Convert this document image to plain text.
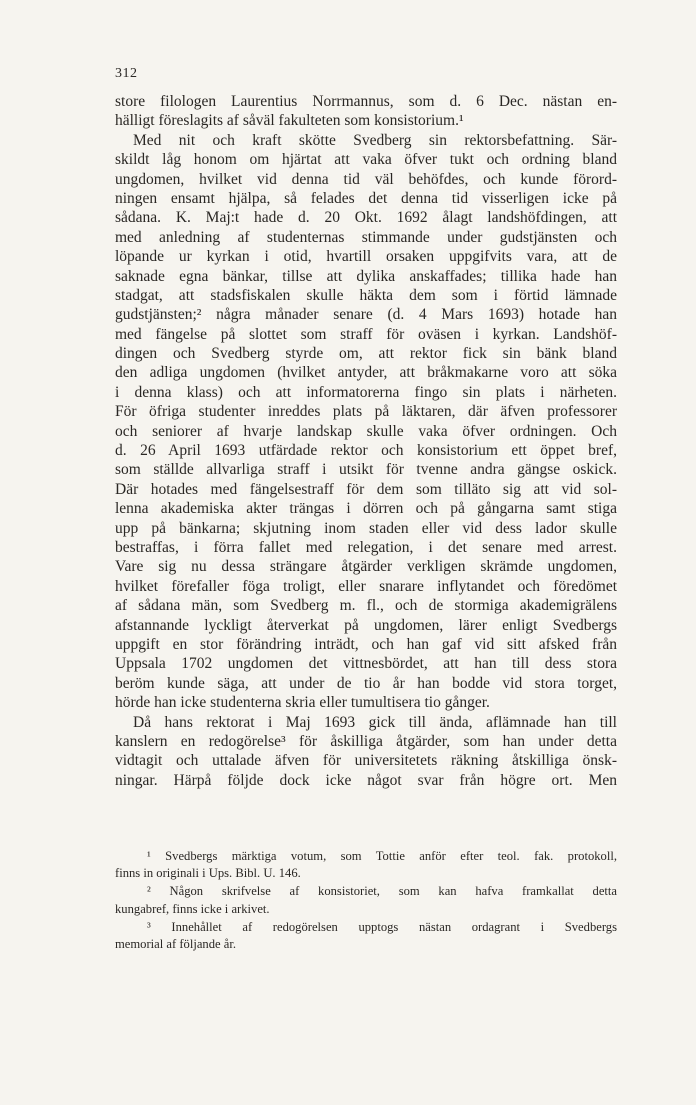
312
store filologen Laurentius Norrmannus, som d. 6 Dec. nästan en-
hälligt föreslagits af såväl fakulteten som konsistorium.¹
Med nit och kraft skötte Svedberg sin rektorsbefattning. Sär-
skildt låg honom om hjärtat att vaka öfver tukt och ordning bland
ungdomen, hvilket vid denna tid väl behöfdes, och kunde förord-
ningen ensamt hjälpa, så felades det denna tid visserligen icke på
sådana. K. Maj:t hade d. 20 Okt. 1692 ålagt landshöfdingen, att
med anledning af studenternas stimmande under gudstjänsten och
löpande ur kyrkan i otid, hvartill orsaken uppgifvits vara, att de
saknade egna bänkar, tillse att dylika anskaffades; tillika hade han
stadgat, att stadsfiskalen skulle häkta dem som i förtid lämnade
gudstjänsten;² några månader senare (d. 4 Mars 1693) hotade han
med fängelse på slottet som straff för oväsen i kyrkan. Landshöf-
dingen och Svedberg styrde om, att rektor fick sin bänk bland
den adliga ungdomen (hvilket antyder, att bråkmakarne voro att söka
i denna klass) och att informatorerna fingo sin plats i närheten.
För öfriga studenter inreddes plats på läktaren, där äfven professorer
och seniorer af hvarje landskap skulle vaka öfver ordningen. Och
d. 26 April 1693 utfärdade rektor och konsistorium ett öppet bref,
som ställde allvarliga straff i utsikt för tvenne andra gängse oskick.
Där hotades med fängelsestraff för dem som tilläto sig att vid sol-
lenna akademiska akter trängas i dörren och på gångarna samt stiga
upp på bänkarna; skjutning inom staden eller vid dess lador skulle
bestraffas, i förra fallet med relegation, i det senare med arrest.
Vare sig nu dessa strängare åtgärder verkligen skrämde ungdomen,
hvilket förefaller föga troligt, eller snarare inflytandet och föredömet
af sådana män, som Svedberg m. fl., och de stormiga akademigrälens
afstannande lyckligt återverkat på ungdomen, lärer enligt Svedbergs
uppgift en stor förändring inträdt, och han gaf vid sitt afsked från
Uppsala 1702 ungdomen det vittnesbördet, att han till dess stora
beröm kunde säga, att under de tio år han bodde vid stora torget,
hörde han icke studenterna skria eller tumultisera tio gånger.
Då hans rektorat i Maj 1693 gick till ända, aflämnade han till
kanslern en redogörelse³ för åskilliga åtgärder, som han under detta
vidtagit och uttalade äfven för universitetets räkning åtskilliga önsk-
ningar. Härpå följde dock icke något svar från högre ort. Men
¹ Svedbergs märktiga votum, som Tottie anför efter teol. fak. protokoll,
finns in originali i Ups. Bibl. U. 146.
² Någon skrifvelse af konsistoriet, som kan hafva framkallat detta
kungabref, finns icke i arkivet.
³ Innehållet af redogörelsen upptogs nästan ordagrant i Svedbergs
memorial af följande år.
